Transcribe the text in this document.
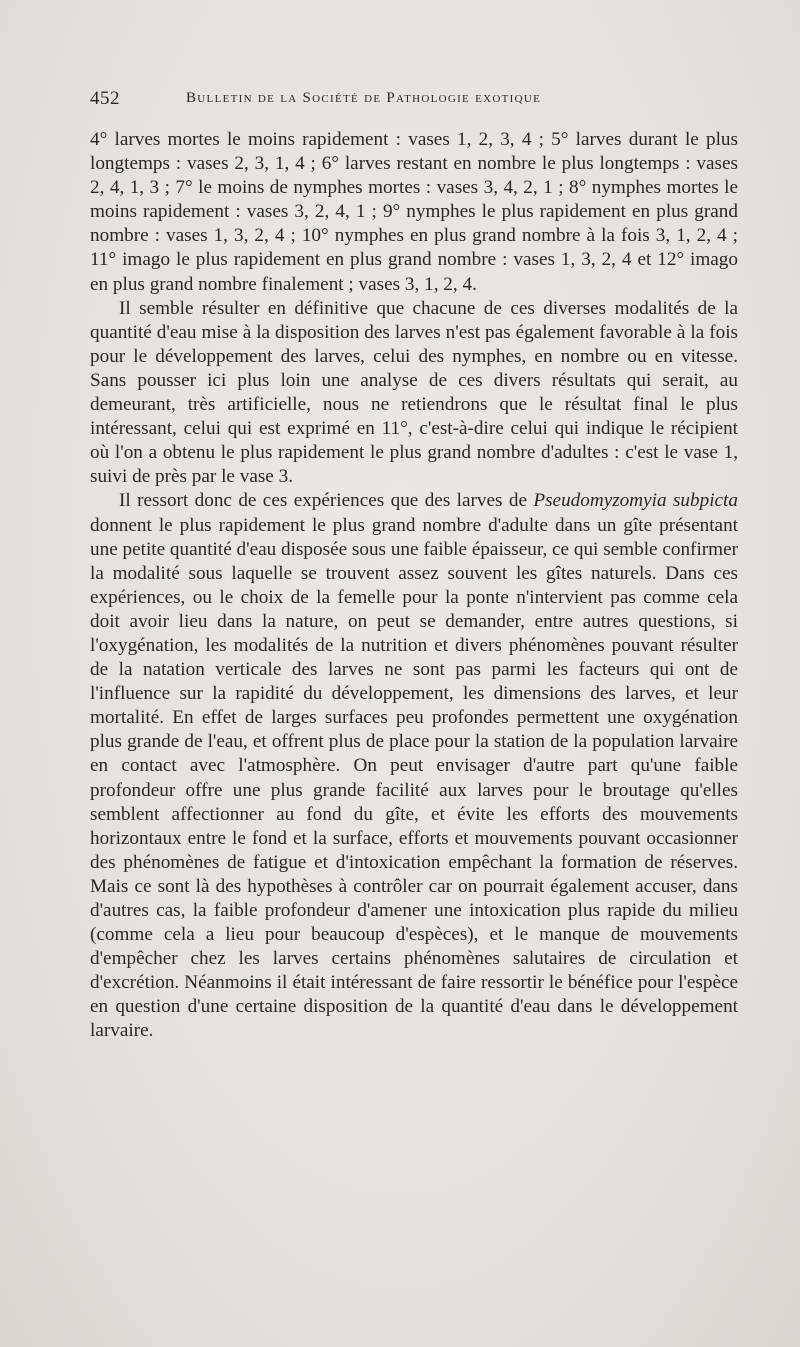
452	Bulletin de la Société de Pathologie exotique

4° larves mortes le moins rapidement : vases 1, 2, 3, 4 ; 5° larves durant le plus longtemps : vases 2, 3, 1, 4 ; 6° larves restant en nombre le plus longtemps : vases 2, 4, 1, 3 ; 7° le moins de nymphes mortes : vases 3, 4, 2, 1 ; 8° nymphes mortes le moins rapidement : vases 3, 2, 4, 1 ; 9° nymphes le plus rapidement en plus grand nombre : vases 1, 3, 2, 4 ; 10° nymphes en plus grand nombre à la fois 3, 1, 2, 4 ; 11° imago le plus rapidement en plus grand nombre : vases 1, 3, 2, 4 et 12° imago en plus grand nombre finalement ; vases 3, 1, 2, 4.

Il semble résulter en définitive que chacune de ces diverses modalités de la quantité d'eau mise à la disposition des larves n'est pas également favorable à la fois pour le développement des larves, celui des nymphes, en nombre ou en vitesse. Sans pousser ici plus loin une analyse de ces divers résultats qui serait, au demeurant, très artificielle, nous ne retiendrons que le résultat final le plus intéressant, celui qui est exprimé en 11°, c'est-à-dire celui qui indique le récipient où l'on a obtenu le plus rapidement le plus grand nombre d'adultes : c'est le vase 1, suivi de près par le vase 3.

Il ressort donc de ces expériences que des larves de Pseudomyzomyia subpicta donnent le plus rapidement le plus grand nombre d'adulte dans un gîte présentant une petite quantité d'eau disposée sous une faible épaisseur, ce qui semble confirmer la modalité sous laquelle se trouvent assez souvent les gîtes naturels. Dans ces expériences, ou le choix de la femelle pour la ponte n'intervient pas comme cela doit avoir lieu dans la nature, on peut se demander, entre autres questions, si l'oxygénation, les modalités de la nutrition et divers phénomènes pouvant résulter de la natation verticale des larves ne sont pas parmi les facteurs qui ont de l'influence sur la rapidité du développement, les dimensions des larves, et leur mortalité. En effet de larges surfaces peu profondes permettent une oxygénation plus grande de l'eau, et offrent plus de place pour la station de la population larvaire en contact avec l'atmosphère. On peut envisager d'autre part qu'une faible profondeur offre une plus grande facilité aux larves pour le broutage qu'elles semblent affectionner au fond du gîte, et évite les efforts des mouvements horizontaux entre le fond et la surface, efforts et mouvements pouvant occasionner des phénomènes de fatigue et d'intoxication empêchant la formation de réserves. Mais ce sont là des hypothèses à contrôler car on pourrait également accuser, dans d'autres cas, la faible profondeur d'amener une intoxication plus rapide du milieu (comme cela a lieu pour beaucoup d'espèces), et le manque de mouvements d'empêcher chez les larves certains phénomènes salutaires de circulation et d'excrétion. Néanmoins il était intéressant de faire ressortir le bénéfice pour l'espèce en question d'une certaine disposition de la quantité d'eau dans le développement larvaire.
